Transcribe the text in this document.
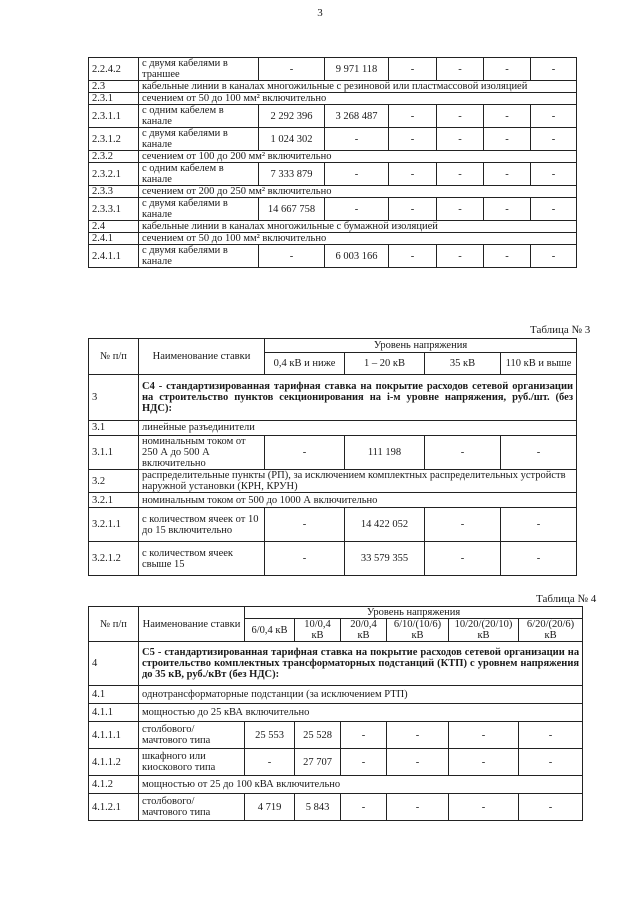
3
2.2.4.2	с двумя кабелями в траншее	-	9 971 118	-	-	-	-
2.3	кабельные линии в каналах многожильные с резиновой или пластмассовой изоляцией						
2.3.1	сечением от 50 до 100 мм² включительно						
2.3.1.1	с одним кабелем в канале	2 292 396	3 268 487	-	-	-	-
2.3.1.2	с двумя кабелями в канале	1 024 302	-	-	-	-	-
2.3.2	сечением от 100 до 200 мм² включительно						
2.3.2.1	с одним кабелем в канале	7 333 879	-	-	-	-	-
2.3.3	сечением от 200 до 250 мм² включительно						
2.3.3.1	с двумя кабелями в канале	14 667 758	-	-	-	-	-
2.4	кабельные линии в каналах многожильные с бумажной изоляцией						
2.4.1	сечением от 50 до 100 мм² включительно						
2.4.1.1	с двумя кабелями в канале	-	6 003 166	-	-	-	-
Таблица № 3
№ п/п	Наименование ставки	Уровень напряжения			
		0,4 кВ и ниже	1 – 20 кВ	35 кВ	110 кВ и выше
3	С4 - стандартизированная тарифная ставка на покрытие расходов сетевой организации на строительство пунктов секционирования на i-м уровне напряжения, руб./шт. (без НДС):				
3.1	линейные разъединители				
3.1.1	номинальным током от 250 А до 500 А включительно	-	111 198	-	-
3.2	распределительные пункты (РП), за исключением комплектных распределительных устройств наружной установки (КРН, КРУН)				
3.2.1	номинальным током от 500 до 1000 А включительно				
3.2.1.1	с количеством ячеек от 10 до 15 включительно	-	14 422 052	-	-
3.2.1.2	с количеством ячеек свыше 15	-	33 579 355	-	-
Таблица № 4
№ п/п	Наименование ставки	Уровень напряжения					
		6/0,4 кВ	10/0,4 кВ	20/0,4 кВ	6/10/(10/6) кВ	10/20/(20/10) кВ	6/20/(20/6) кВ
4	С5 - стандартизированная тарифная ставка на покрытие расходов сетевой организации на строительство комплектных трансформаторных подстанций (КТП) с уровнем напряжения до 35 кВ, руб./кВт (без НДС):						
4.1	однотрансформаторные подстанции (за исключением РТП)						
4.1.1	мощностью до 25 кВА включительно						
4.1.1.1	столбового/ мачтового типа	25 553	25 528	-	-	-	-
4.1.1.2	шкафного или киоскового типа	-	27 707	-	-	-	-
4.1.2	мощностью от 25 до 100 кВА включительно						
4.1.2.1	столбового/ мачтового типа	4 719	5 843	-	-	-	-
